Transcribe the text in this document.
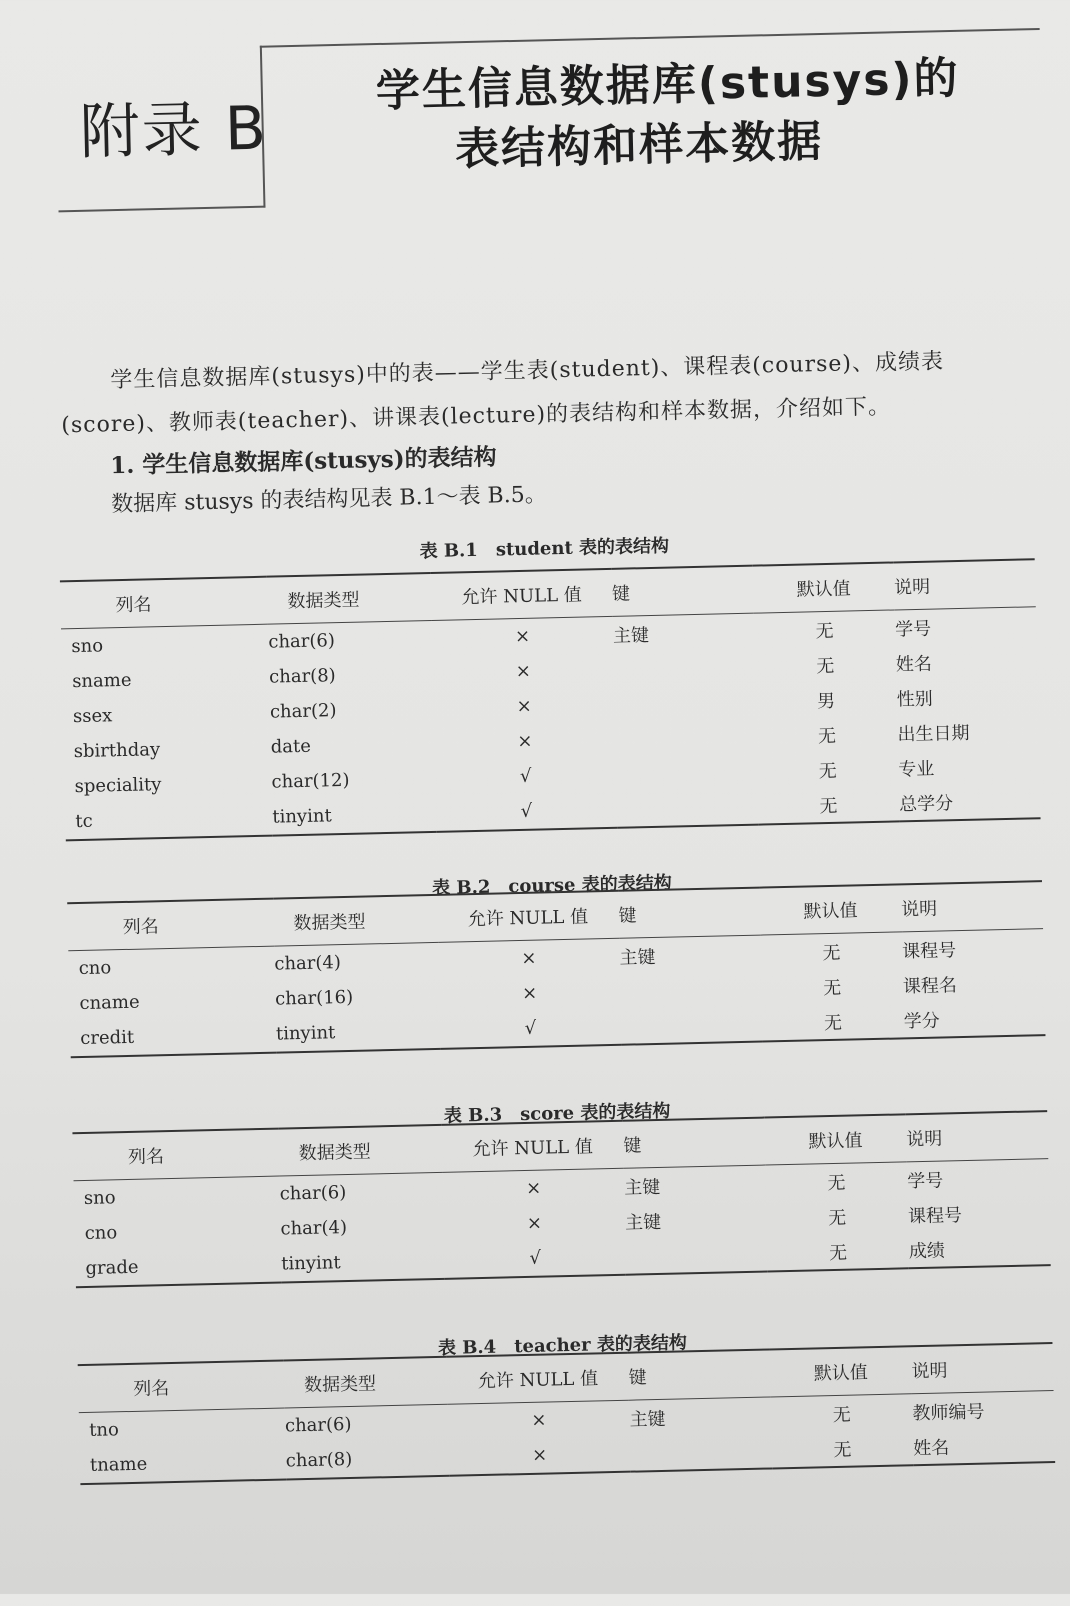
附录 B
学生信息数据库(stusys)的
表结构和样本数据
学生信息数据库(stusys)中的表——学生表(student)、课程表(course)、成绩表(score)、教师表(teacher)、讲课表(lecture)的表结构和样本数据，介绍如下。
1. 学生信息数据库(stusys)的表结构
数据库 stusys 的表结构见表 B.1～表 B.5。
表 B.1　student 表的表结构
列名	数据类型	允许 NULL 值	键	默认值	说明
sno	char(6)	×	主键	无	学号
sname	char(8)	×		无	姓名
ssex	char(2)	×		男	性别
sbirthday	date	×		无	出生日期
speciality	char(12)	√		无	专业
tc	tinyint	√		无	总学分
表 B.2　course 表的表结构
列名	数据类型	允许 NULL 值	键	默认值	说明
cno	char(4)	×	主键	无	课程号
cname	char(16)	×		无	课程名
credit	tinyint	√		无	学分
表 B.3　score 表的表结构
列名	数据类型	允许 NULL 值	键	默认值	说明
sno	char(6)	×	主键	无	学号
cno	char(4)	×	主键	无	课程号
grade	tinyint	√		无	成绩
表 B.4　teacher 表的表结构
列名	数据类型	允许 NULL 值	键	默认值	说明
tno	char(6)	×	主键	无	教师编号
tname	char(8)	×		无	姓名
